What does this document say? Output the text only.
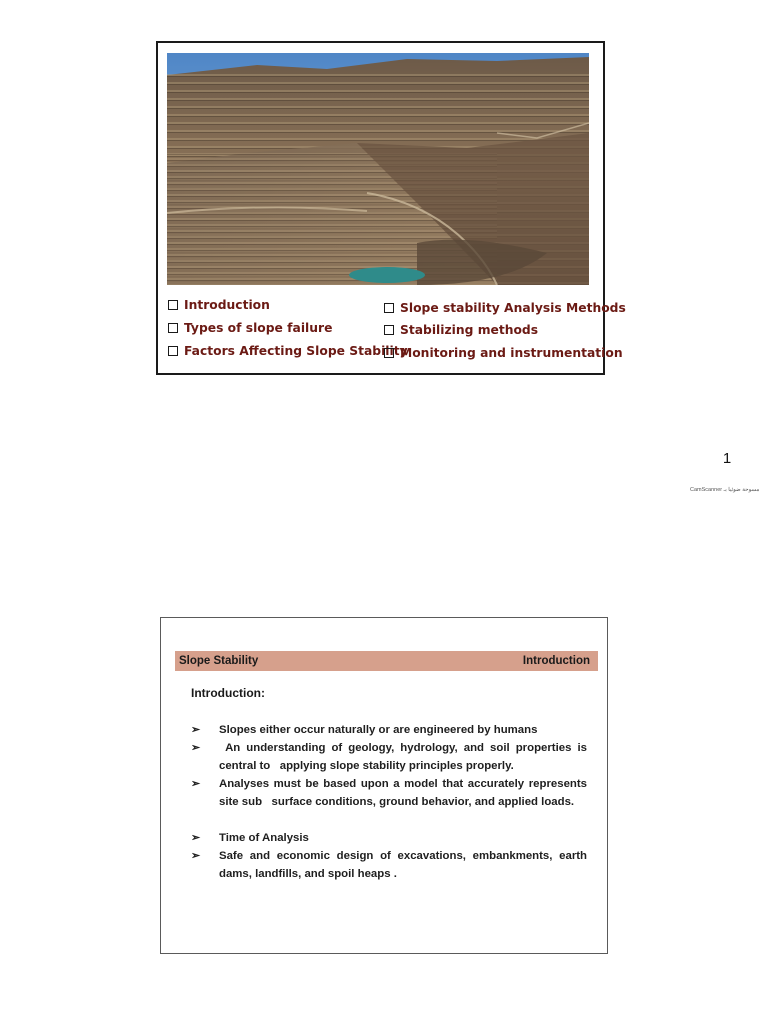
Introduction
Types of slope failure
Factors Affecting Slope Stability
Slope stability Analysis Methods
Stabilizing methods
Monitoring and instrumentation
1
CamScanner مسوحة ضوئيا بـ
Slope Stability	Introduction
Introduction:
➢	Slopes either occur naturally or are engineered by humans
➢	An understanding of geology, hydrology, and soil properties is central to   applying slope stability principles properly.
➢	Analyses must be based upon a model that accurately represents site sub   surface conditions, ground behavior, and applied loads.
➢	Time of Analysis
➢	Safe and economic design of excavations, embankments, earth dams, landfills, and spoil heaps .
